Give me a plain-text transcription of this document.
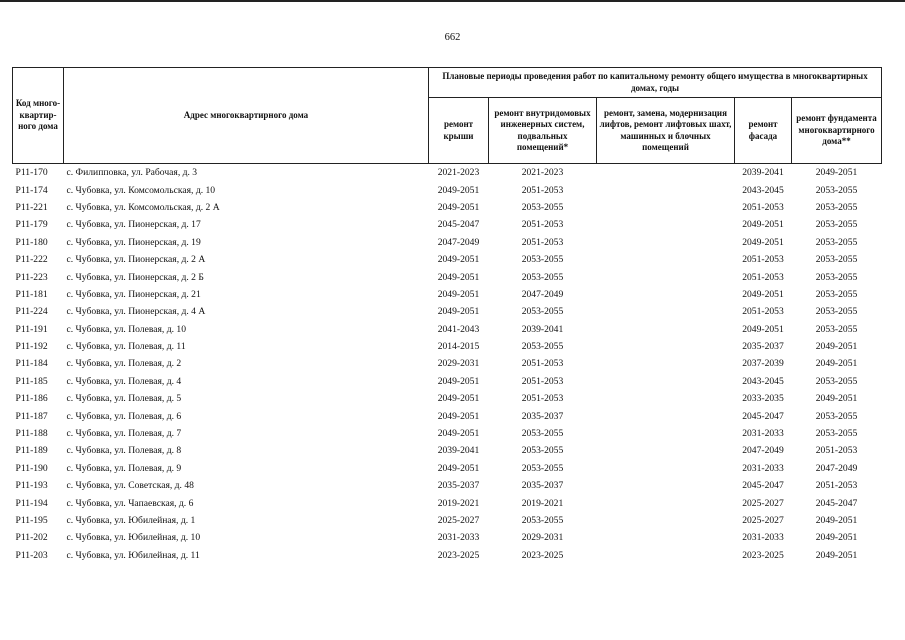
662
Код много-квартир-ного дома	Адрес многоквартирного дома	Плановые периоды проведения работ по капитальному ремонту общего имущества в многоквартирных домах, годы				
		ремонт крыши	ремонт внутридомовых инженерных систем, подвальных помещений*	ремонт, замена, модернизация лифтов, ремонт лифтовых шахт, машинных и блочных помещений	ремонт фасада	ремонт фундамента многоквартирного дома**
P11-170	с. Филипповка, ул. Рабочая, д. 3	2021-2023	2021-2023		2039-2041	2049-2051
P11-174	с. Чубовка, ул. Комсомольская, д. 10	2049-2051	2051-2053		2043-2045	2053-2055
P11-221	с. Чубовка, ул. Комсомольская, д. 2 А	2049-2051	2053-2055		2051-2053	2053-2055
P11-179	с. Чубовка, ул. Пионерская, д. 17	2045-2047	2051-2053		2049-2051	2053-2055
P11-180	с. Чубовка, ул. Пионерская, д. 19	2047-2049	2051-2053		2049-2051	2053-2055
P11-222	с. Чубовка, ул. Пионерская, д. 2 А	2049-2051	2053-2055		2051-2053	2053-2055
P11-223	с. Чубовка, ул. Пионерская, д. 2 Б	2049-2051	2053-2055		2051-2053	2053-2055
P11-181	с. Чубовка, ул. Пионерская, д. 21	2049-2051	2047-2049		2049-2051	2053-2055
P11-224	с. Чубовка, ул. Пионерская, д. 4 А	2049-2051	2053-2055		2051-2053	2053-2055
P11-191	с. Чубовка, ул. Полевая, д. 10	2041-2043	2039-2041		2049-2051	2053-2055
P11-192	с. Чубовка, ул. Полевая, д. 11	2014-2015	2053-2055		2035-2037	2049-2051
P11-184	с. Чубовка, ул. Полевая, д. 2	2029-2031	2051-2053		2037-2039	2049-2051
P11-185	с. Чубовка, ул. Полевая, д. 4	2049-2051	2051-2053		2043-2045	2053-2055
P11-186	с. Чубовка, ул. Полевая, д. 5	2049-2051	2051-2053		2033-2035	2049-2051
P11-187	с. Чубовка, ул. Полевая, д. 6	2049-2051	2035-2037		2045-2047	2053-2055
P11-188	с. Чубовка, ул. Полевая, д. 7	2049-2051	2053-2055		2031-2033	2053-2055
P11-189	с. Чубовка, ул. Полевая, д. 8	2039-2041	2053-2055		2047-2049	2051-2053
P11-190	с. Чубовка, ул. Полевая, д. 9	2049-2051	2053-2055		2031-2033	2047-2049
P11-193	с. Чубовка, ул. Советская, д. 48	2035-2037	2035-2037		2045-2047	2051-2053
P11-194	с. Чубовка, ул. Чапаевская, д. 6	2019-2021	2019-2021		2025-2027	2045-2047
P11-195	с. Чубовка, ул. Юбилейная, д. 1	2025-2027	2053-2055		2025-2027	2049-2051
P11-202	с. Чубовка, ул. Юбилейная, д. 10	2031-2033	2029-2031		2031-2033	2049-2051
P11-203	с. Чубовка, ул. Юбилейная, д. 11	2023-2025	2023-2025		2023-2025	2049-2051
